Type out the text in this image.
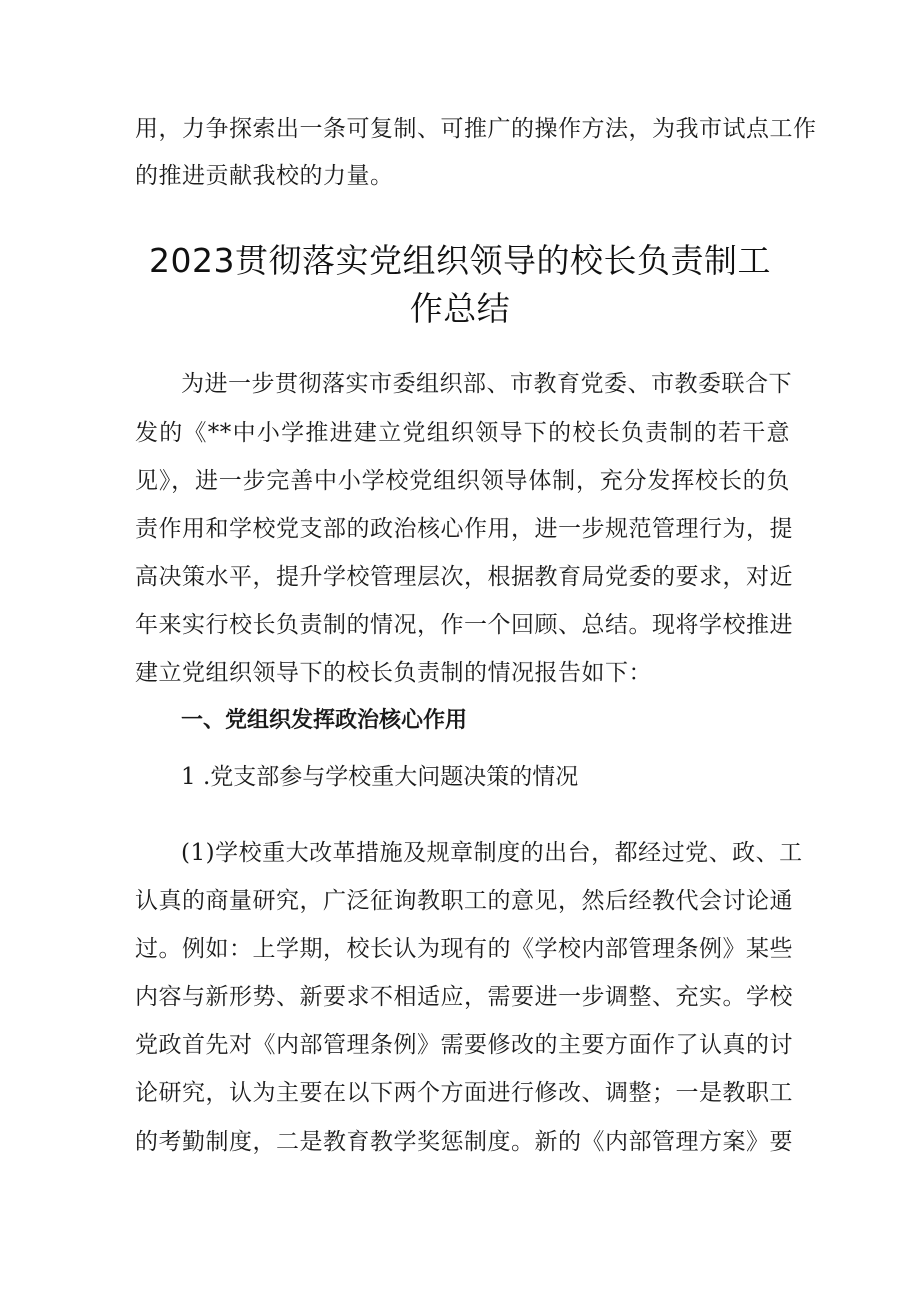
用，力争探索出一条可复制、可推广的操作方法，为我市试点工作
的推进贡献我校的力量。
2023贯彻落实党组织领导的校长负责制工
作总结
为进一步贯彻落实市委组织部、市教育党委、市教委联合下
发的《**中小学推进建立党组织领导下的校长负责制的若干意
见》，进一步完善中小学校党组织领导体制，充分发挥校长的负
责作用和学校党支部的政治核心作用，进一步规范管理行为，提
高决策水平，提升学校管理层次，根据教育局党委的要求，对近
年来实行校长负责制的情况，作一个回顾、总结。现将学校推进
建立党组织领导下的校长负责制的情况报告如下：
一、党组织发挥政治核心作用
1 .党支部参与学校重大问题决策的情况
(1)学校重大改革措施及规章制度的出台，都经过党、政、工
认真的商量研究，广泛征询教职工的意见，然后经教代会讨论通
过。例如：上学期，校长认为现有的《学校内部管理条例》某些
内容与新形势、新要求不相适应，需要进一步调整、充实。学校
党政首先对《内部管理条例》需要修改的主要方面作了认真的讨
论研究，认为主要在以下两个方面进行修改、调整；一是教职工
的考勤制度，二是教育教学奖惩制度。新的《内部管理方案》要
